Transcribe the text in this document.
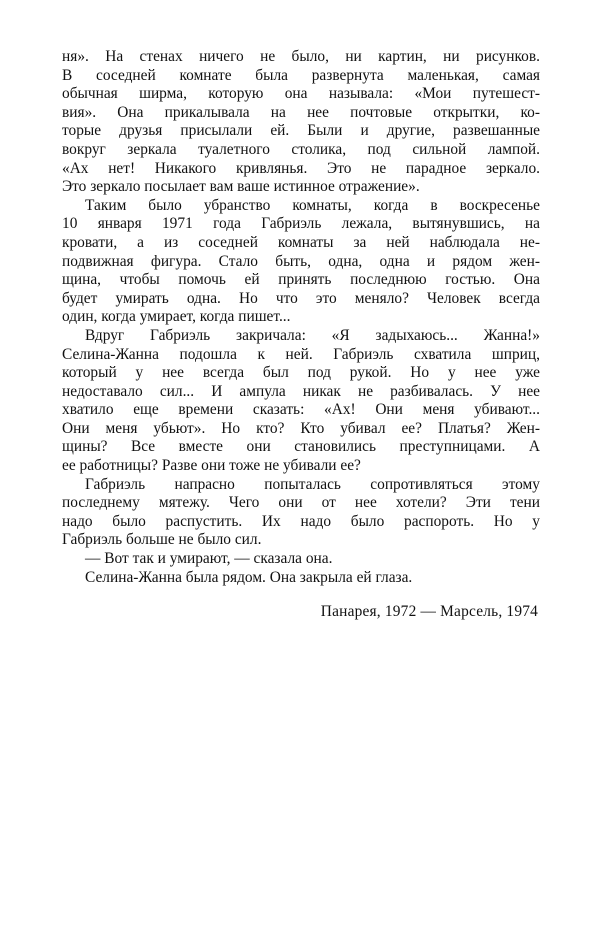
ня». На стенах ничего не было, ни картин, ни рисунков.
В соседней комнате была развернута маленькая, самая
обычная ширма, которую она называла: «Мои путешест-
вия». Она прикалывала на нее почтовые открытки, ко-
торые друзья присылали ей. Были и другие, развешанные
вокруг зеркала туалетного столика, под сильной лампой.
«Ах нет! Никакого кривлянья. Это не парадное зеркало.
Это зеркало посылает вам ваше истинное отражение».
Таким было убранство комнаты, когда в воскресенье
10 января 1971 года Габриэль лежала, вытянувшись, на
кровати, а из соседней комнаты за ней наблюдала не-
подвижная фигура. Стало быть, одна, одна и рядом жен-
щина, чтобы помочь ей принять последнюю гостью. Она
будет умирать одна. Но что это меняло? Человек всегда
один, когда умирает, когда пишет...
Вдруг Габриэль закричала: «Я задыхаюсь... Жанна!»
Селина-Жанна подошла к ней. Габриэль схватила шприц,
который у нее всегда был под рукой. Но у нее уже
недоставало сил... И ампула никак не разбивалась. У нее
хватило еще времени сказать: «Ах! Они меня убивают...
Они меня убьют». Но кто? Кто убивал ее? Платья? Жен-
щины? Все вместе они становились преступницами. А
ее работницы? Разве они тоже не убивали ее?
Габриэль напрасно попыталась сопротивляться этому
последнему мятежу. Чего они от нее хотели? Эти тени
надо было распустить. Их надо было распороть. Но у
Габриэль больше не было сил.
— Вот так и умирают, — сказала она.
Селина-Жанна была рядом. Она закрыла ей глаза.
Панарея, 1972 — Марсель, 1974
